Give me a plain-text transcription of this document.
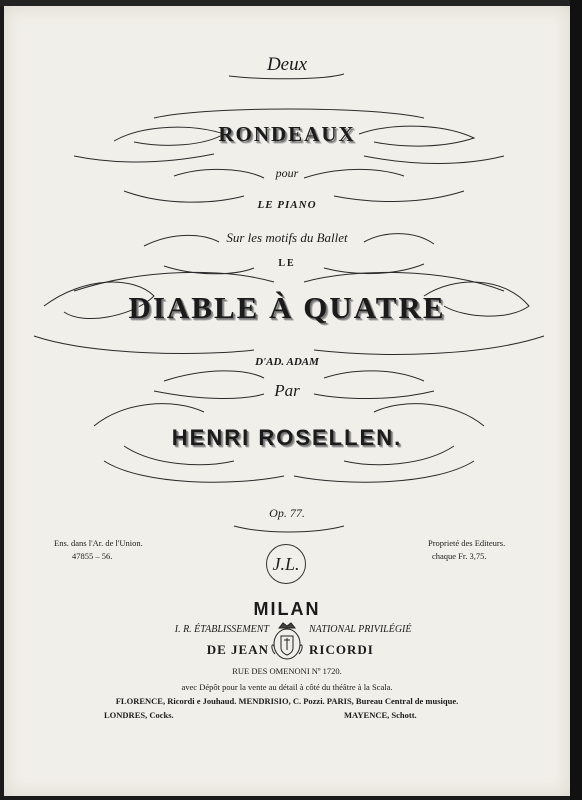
Deux
RONDEAUX
pour
LE PIANO
Sur les motifs du Ballet
LE
DIABLE À QUATRE
D'AD. ADAM
Par
HENRI ROSELLEN.
Op. 77.
Ens. dans l'Ar. de l'Union.
47855 – 56.
Proprieté des Editeurs.
chaque Fr. 3,75.
J.L.
MILAN
I. R. ÉTABLISSEMENT	NATIONAL PRIVILÉGIÉ
DE JEAN	RICORDI
RUE DES OMENONI Nº 1720.
avec Dépôt pour la vente au détail à côté du théâtre à la Scala.
FLORENCE, Ricordi e Jouhaud. MENDRISIO, C. Pozzi. PARIS, Bureau Central de musique.
LONDRES, Cocks.	MAYENCE, Schott.
